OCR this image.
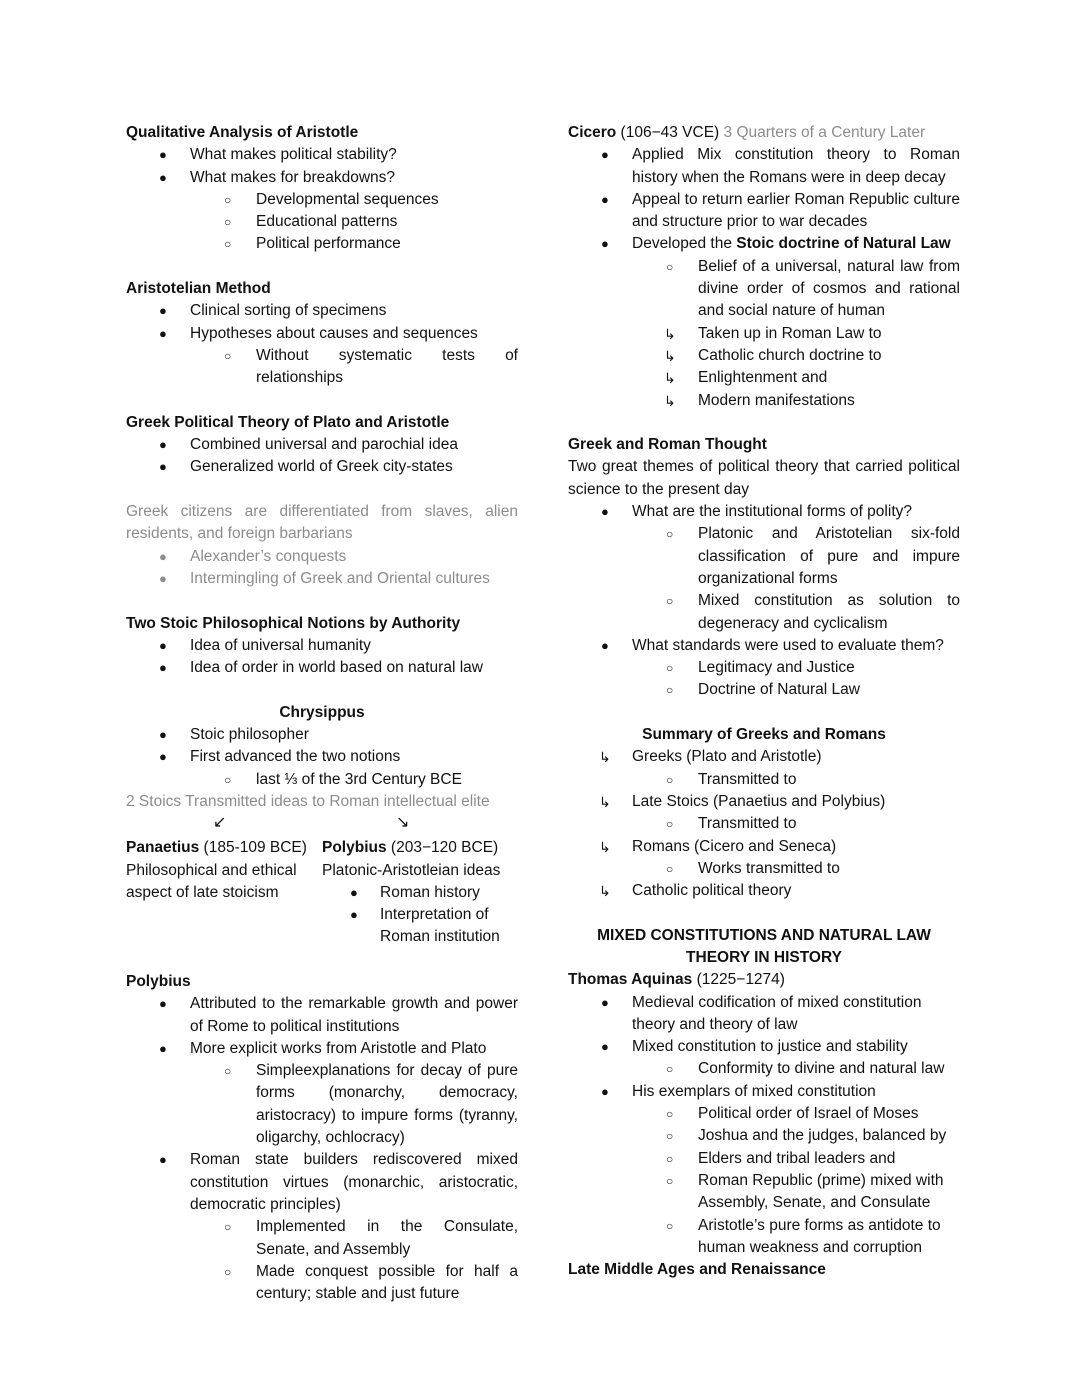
Qualitative Analysis of Aristotle
● What makes political stability?
● What makes for breakdowns?
○ Developmental sequences
○ Educational patterns
○ Political performance
Aristotelian Method
● Clinical sorting of specimens
● Hypotheses about causes and sequences
○ Without systematic tests of relationships
Greek Political Theory of Plato and Aristotle
● Combined universal and parochial idea
● Generalized world of Greek city-states
Greek citizens are differentiated from slaves, alien residents, and foreign barbarians
● Alexander’s conquests
● Intermingling of Greek and Oriental cultures
Two Stoic Philosophical Notions by Authority
● Idea of universal humanity
● Idea of order in world based on natural law
Chrysippus
● Stoic philosopher
● First advanced the two notions
○ last ⅓ of the 3rd Century BCE
2 Stoics Transmitted ideas to Roman intellectual elite
↙	↘
Panaetius (185-109 BCE)
Philosophical and ethical aspect of late stoicism
Polybius (203−120 BCE)
Platonic-Aristotleian ideas
● Roman history
● Interpretation of Roman institution
Polybius
● Attributed to the remarkable growth and power of Rome to political institutions
● More explicit works from Aristotle and Plato
○ Simpleexplanations for decay of pure forms (monarchy, democracy, aristocracy) to impure forms (tyranny, oligarchy, ochlocracy)
● Roman state builders rediscovered mixed constitution virtues (monarchic, aristocratic, democratic principles)
○ Implemented in the Consulate, Senate, and Assembly
○ Made conquest possible for half a century; stable and just future
Cicero (106−43 VCE) 3 Quarters of a Century Later
● Applied Mix constitution theory to Roman history when the Romans were in deep decay
● Appeal to return earlier Roman Republic culture and structure prior to war decades
● Developed the Stoic doctrine of Natural Law
○ Belief of a universal, natural law from divine order of cosmos and rational and social nature of human
↳ Taken up in Roman Law to
↳ Catholic church doctrine to
↳ Enlightenment and
↳ Modern manifestations
Greek and Roman Thought
Two great themes of political theory that carried political science to the present day
● What are the institutional forms of polity?
○ Platonic and Aristotelian six-fold classification of pure and impure organizational forms
○ Mixed constitution as solution to degeneracy and cyclicalism
● What standards were used to evaluate them?
○ Legitimacy and Justice
○ Doctrine of Natural Law
Summary of Greeks and Romans
↳ Greeks (Plato and Aristotle)
○ Transmitted to
↳ Late Stoics (Panaetius and Polybius)
○ Transmitted to
↳ Romans (Cicero and Seneca)
○ Works transmitted to
↳ Catholic political theory
MIXED CONSTITUTIONS AND NATURAL LAW
THEORY IN HISTORY
Thomas Aquinas (1225−1274)
● Medieval codification of mixed constitution theory and theory of law
● Mixed constitution to justice and stability
○ Conformity to divine and natural law
● His exemplars of mixed constitution
○ Political order of Israel of Moses
○ Joshua and the judges, balanced by
○ Elders and tribal leaders and
○ Roman Republic (prime) mixed with Assembly, Senate, and Consulate
○ Aristotle’s pure forms as antidote to human weakness and corruption
Late Middle Ages and Renaissance
